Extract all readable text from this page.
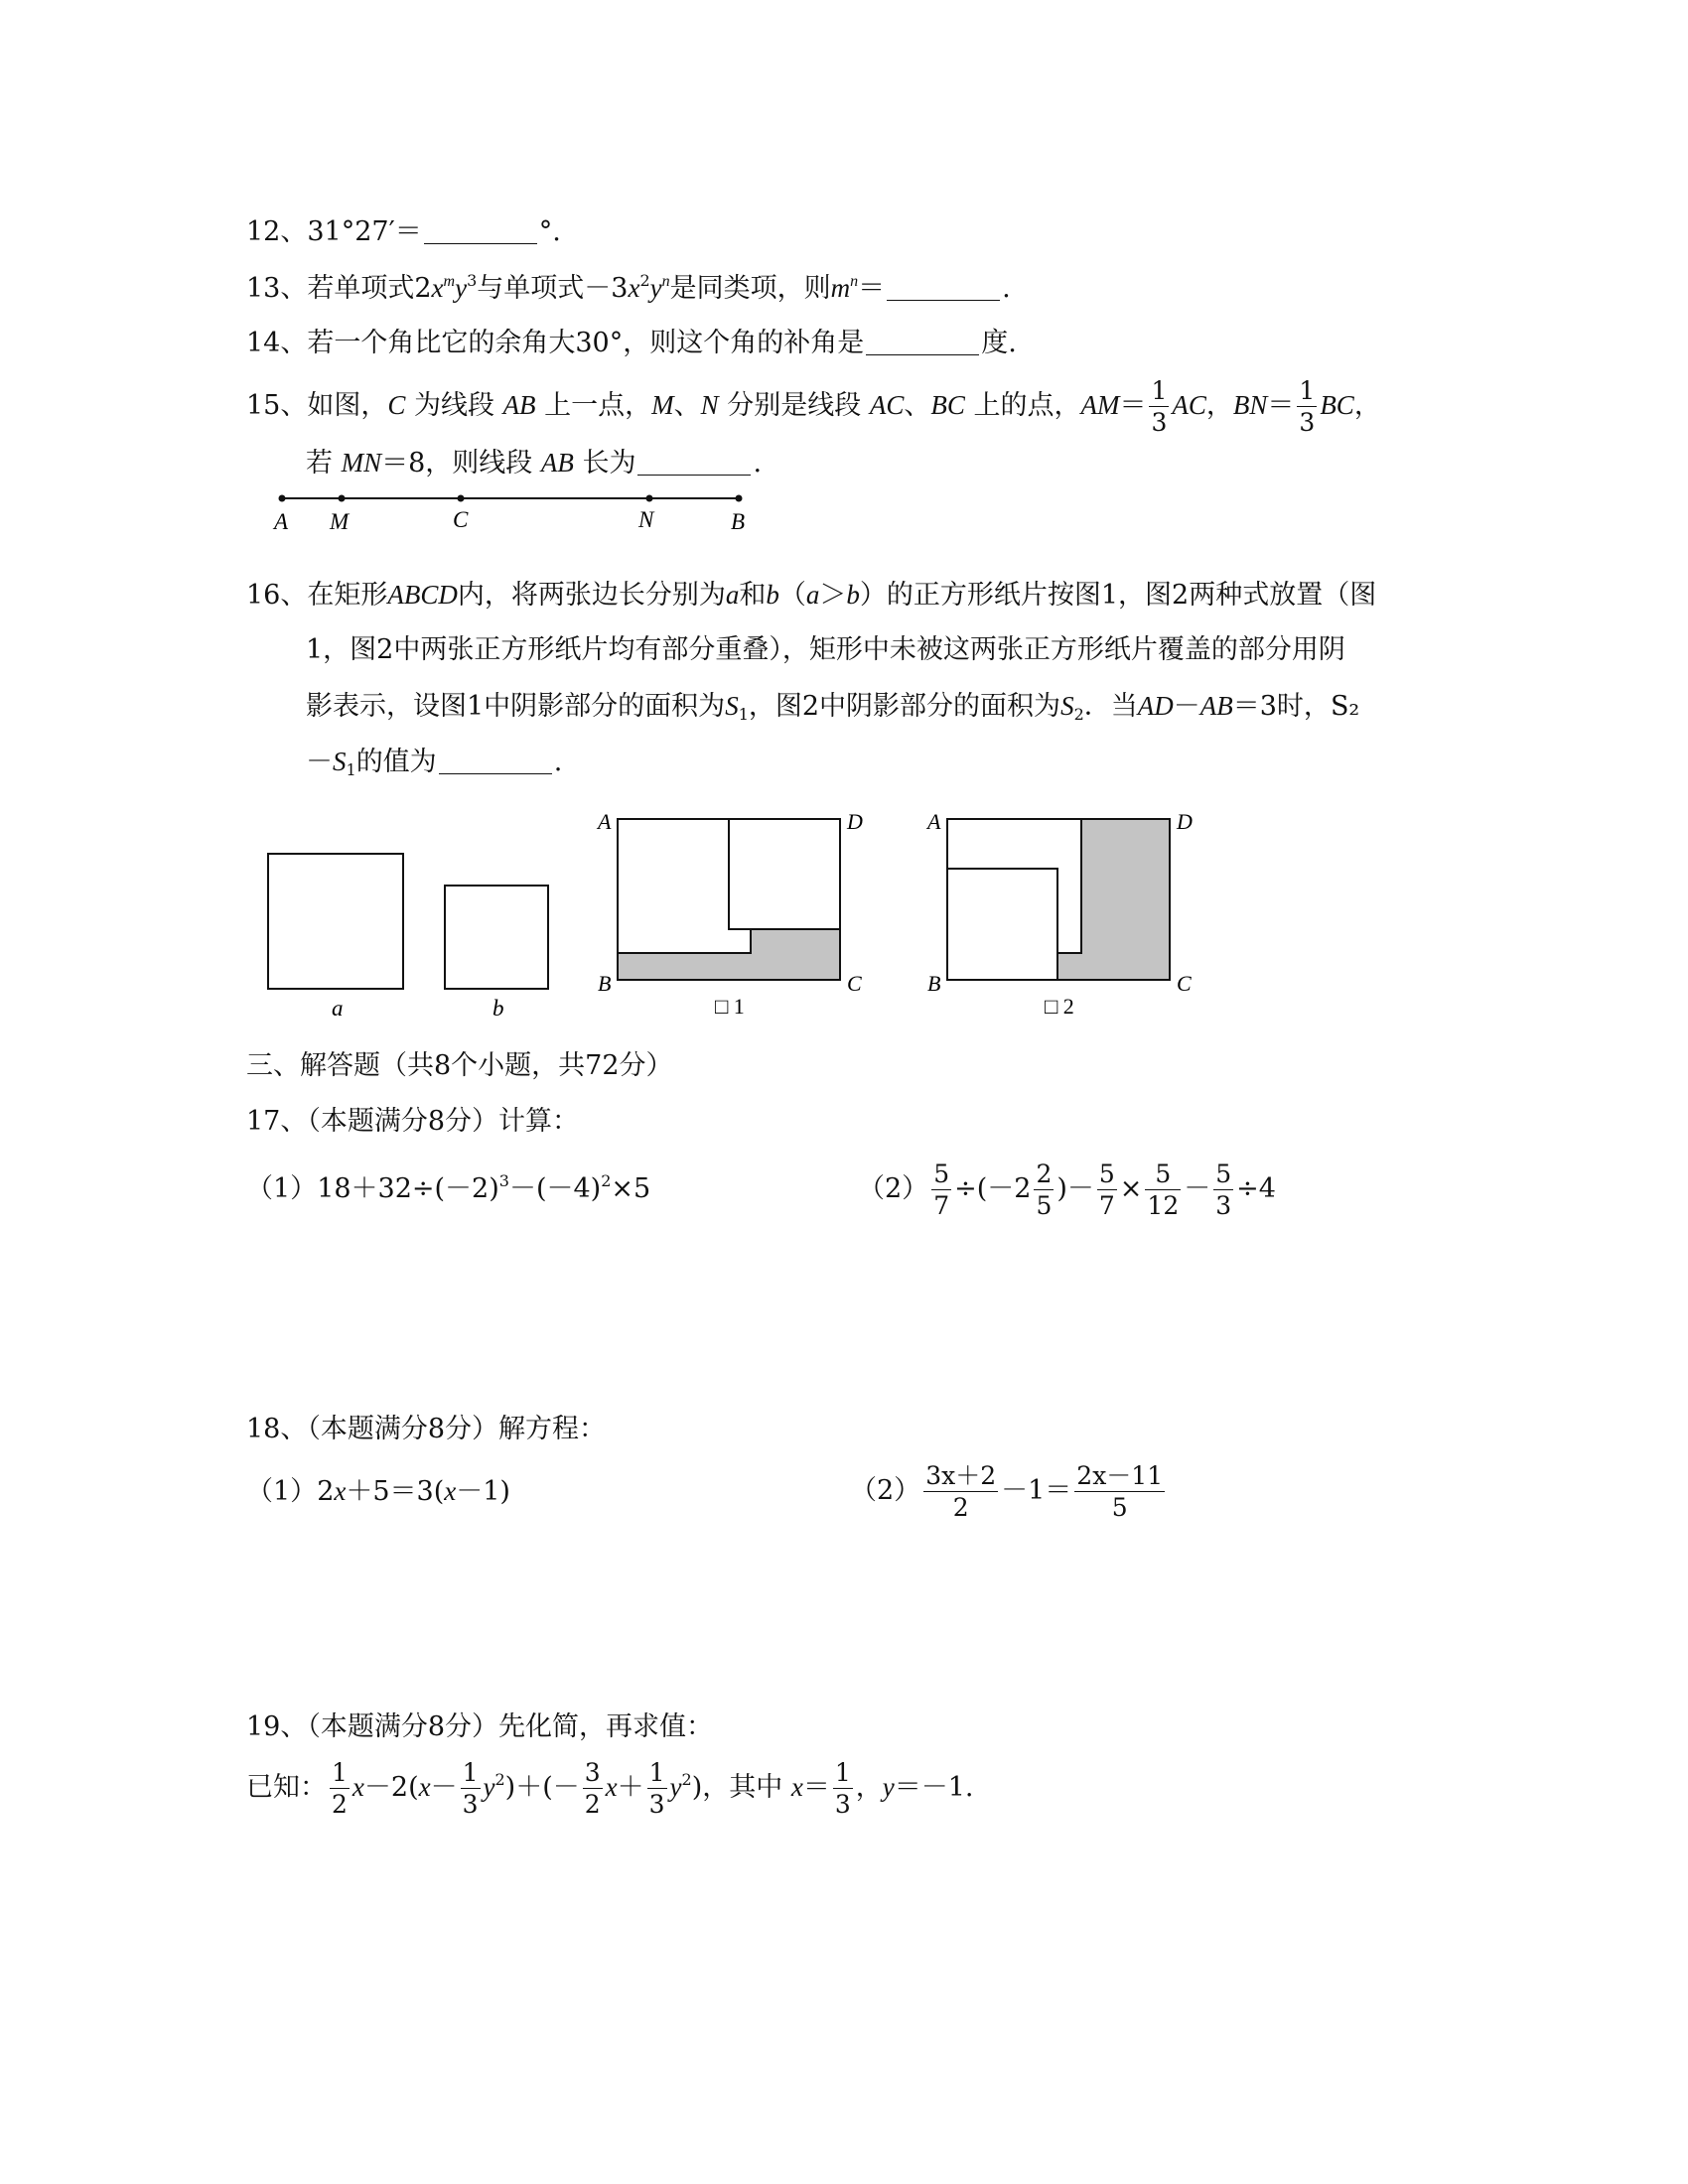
12、31°27′＝	°.
13、若单项式$2x^my^3$与单项式$-3x^2y^n$是同类项，则$m^n=$	.
14、若一个角比它的余角大30°，则这个角的补角是	度.
15、如图，C 为线段 AB 上一点，M、N 分别是线段 AC、BC 上的点，$AM= \frac{1}{3}$ AC，$BN= \frac{1}{3}$ BC，
若 MN＝8，则线段 AB 长为	.
A M	C	N	B
16、在矩形ABCD内，将两张边长分别为a和b（a＞b）的正方形纸片按图1，图2两种式放置（图
1，图2中两张正方形纸片均有部分重叠），矩形中未被这两张正方形纸片覆盖的部分用阴
影表示，设图1中阴影部分的面积为$S_1$，图2中阴影部分的面积为$S_2$．当AD－AB＝3时，S₂
$-S_1$的值为	.
a	b
A	D
B	C
□ 1
A	D
B	C
□ 2
三、解答题（共8个小题，共72分）
17、（本题满分8分）计算：
$(1)18+32\div(-2)^3-(-4)^2\times 5$	$(2) \frac{5}{7} \div(-2 \frac{2}{5}$ )－ $\frac{5}{7} \times \frac{5}{12} - \frac{5}{3} \div 4$
18、（本题满分8分）解方程：
（1）2x＋5＝3(x－1)	$(2) \frac{3x+2}{2} -1= \frac{2x-11}{5}$
19、（本题满分8分）先化简，再求值：
已知： $\frac{1}{2} x-2(x- \frac{1}{3} y^2)+(- \frac{3}{2} x+ \frac{1}{3} y^2)$，其中 $x= \frac{1}{3}$ ，y＝－1.
